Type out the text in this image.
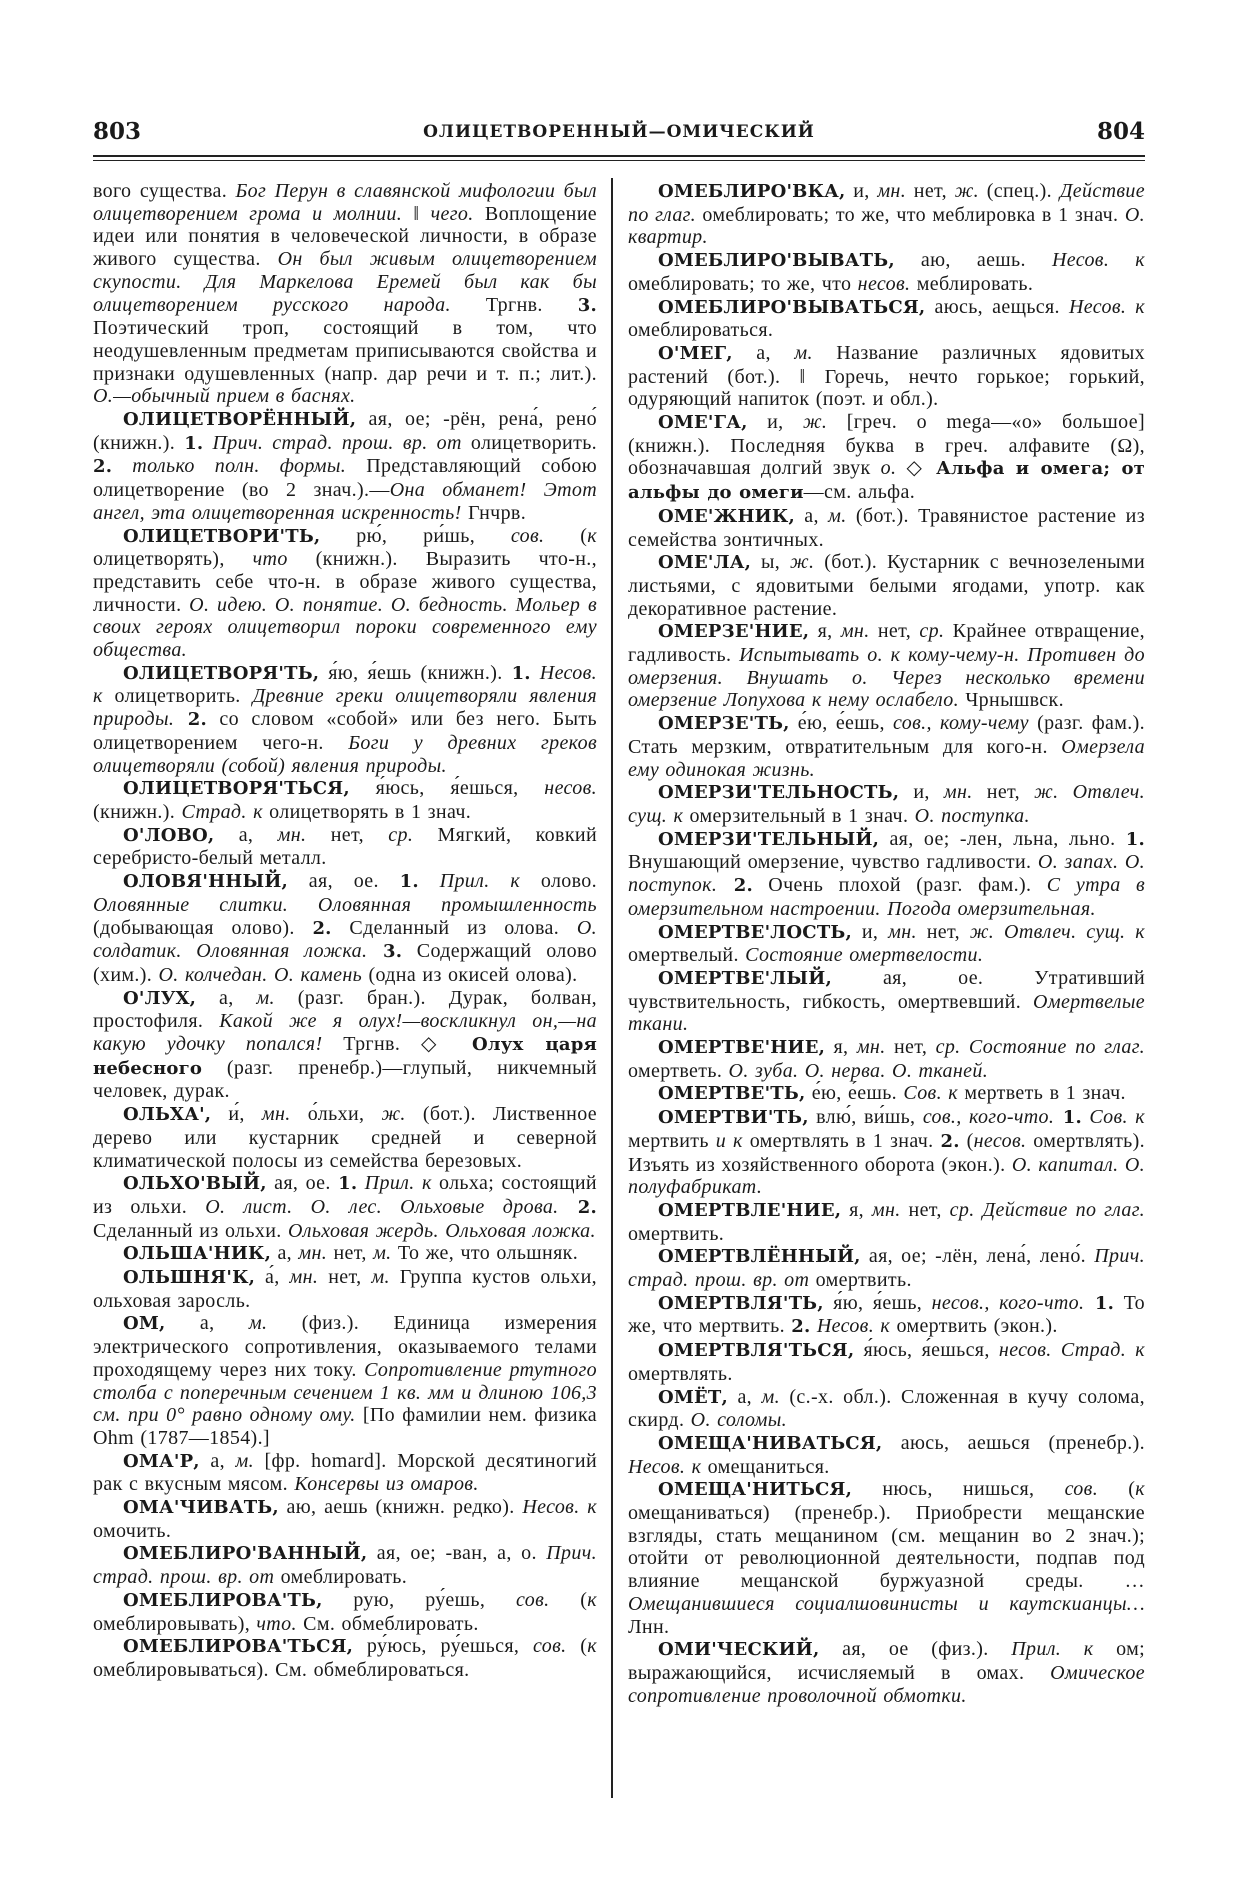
803	ОЛИЦЕТВОРЕННЫЙ—ОМИЧЕСКИЙ	804

вого существа. Бог Перун в славянской мифологии был олицетворением грома и молнии. ‖ чего. Воплощение идеи или понятия в человеческой личности, в образе живого существа. Он был живым олицетворением скупости. Для Маркелова Еремей был как бы олицетворением русского народа. Тргнв. 3. Поэтический троп, состоящий в том, что неодушевленным предметам приписываются свойства и признаки одушевленных (напр. дар речи и т. п.; лит.). О.—обычный прием в баснях.

ОЛИЦЕТВОРЁННЫЙ, ая, ое; -рён, рена́, рено́ (книжн.). 1. Прич. страд. прош. вр. от олицетворить. 2. только полн. формы. Представляющий собою олицетворение (во 2 знач.).—Она обманет! Этот ангел, эта олицетворенная искренность! Гнчрв.

ОЛИЦЕТВОРИ'ТЬ, рю́, ри́шь, сов. (к олицетворять), что (книжн.). Выразить что-н., представить себе что-н. в образе живого существа, личности. О. идею. О. понятие. О. бедность. Мольер в своих героях олицетворил пороки современного ему общества.

ОЛИЦЕТВОРЯ'ТЬ, я́ю, я́ешь (книжн.). 1. Несов. к олицетворить. Древние греки олицетворяли явления природы. 2. со словом «собой» или без него. Быть олицетворением чего-н. Боги у древних греков олицетворяли (собой) явления природы.

ОЛИЦЕТВОРЯ'ТЬСЯ, я́юсь, я́ешься, несов. (книжн.). Страд. к олицетворять в 1 знач.

О'ЛОВО, а, мн. нет, ср. Мягкий, ковкий серебристо-белый металл.

ОЛОВЯ'ННЫЙ, ая, ое. 1. Прил. к олово. Оловянные слитки. Оловянная промышленность (добывающая олово). 2. Сделанный из олова. О. солдатик. Оловянная ложка. 3. Содержащий олово (хим.). О. колчедан. О. камень (одна из окисей олова).

О'ЛУХ, а, м. (разг. бран.). Дурак, болван, простофиля. Какой же я олух!—воскликнул он,—на какую удочку попался! Тргнв. ◇ Олух царя небесного (разг. пренебр.)—глупый, никчемный человек, дурак.

ОЛЬХА', и́, мн. о́льхи, ж. (бот.). Лиственное дерево или кустарник средней и северной климатической полосы из семейства березовых.

ОЛЬХО'ВЫЙ, ая, ое. 1. Прил. к ольха; состоящий из ольхи. О. лист. О. лес. Ольховые дрова. 2. Сделанный из ольхи. Ольховая жердь. Ольховая ложка.

ОЛЬША'НИК, а, мн. нет, м. То же, что ольшняк.

ОЛЬШНЯ'К, а́, мн. нет, м. Группа кустов ольхи, ольховая заросль.

ОМ, а, м. (физ.). Единица измерения электрического сопротивления, оказываемого телами проходящему через них току. Сопротивление ртутного столба с поперечным сечением 1 кв. мм и длиною 106,3 см. при 0° равно одному ому. [По фамилии нем. физика Ohm (1787—1854).]

ОМА'Р, а, м. [фр. homard]. Морской десятиногий рак с вкусным мясом. Консервы из омаров.

ОМА'ЧИВАТЬ, аю, аешь (книжн. редко). Несов. к омочить.

ОМЕБЛИРО'ВАННЫЙ, ая, ое; -ван, а, о. Прич. страд. прош. вр. от омеблировать.

ОМЕБЛИРОВА'ТЬ, рую, ру́ешь, сов. (к омеблировывать), что. См. обмеблировать.

ОМЕБЛИРОВА'ТЬСЯ, ру́юсь, ру́ешься, сов. (к омеблировываться). См. обмеблироваться.

ОМЕБЛИРО'ВКА, и, мн. нет, ж. (спец.). Действие по глаг. омеблировать; то же, что меблировка в 1 знач. О. квартир.

ОМЕБЛИРО'ВЫВАТЬ, аю, аешь. Несов. к омеблировать; то же, что несов. меблировать.

ОМЕБЛИРО'ВЫВАТЬСЯ, аюсь, аещься. Несов. к омеблироваться.

О'МЕГ, а, м. Название различных ядовитых растений (бот.). ‖ Горечь, нечто горькое; горький, одуряющий напиток (поэт. и обл.).

ОМЕ'ГА, и, ж. [греч. о mega—«о» большое] (книжн.). Последняя буква в греч. алфавите (Ω), обозначавшая долгий звук о. ◇ Альфа и омега; от альфы до омеги—см. альфа.

ОМЕ'ЖНИК, а, м. (бот.). Травянистое растение из семейства зонтичных.

ОМЕ'ЛА, ы, ж. (бот.). Кустарник с вечнозелеными листьями, с ядовитыми белыми ягодами, употр. как декоративное растение.

ОМЕРЗЕ'НИЕ, я, мн. нет, ср. Крайнее отвращение, гадливость. Испытывать о. к кому-чему-н. Противен до омерзения. Внушать о. Через несколько времени омерзение Лопухова к нему ослабело. Чрнышвск.

ОМЕРЗЕ'ТЬ, е́ю, е́ешь, сов., кому-чему (разг. фам.). Стать мерзким, отвратительным для кого-н. Омерзела ему одинокая жизнь.

ОМЕРЗИ'ТЕЛЬНОСТЬ, и, мн. нет, ж. Отвлеч. сущ. к омерзительный в 1 знач. О. поступка.

ОМЕРЗИ'ТЕЛЬНЫЙ, ая, ое; -лен, льна, льно. 1. Внушающий омерзение, чувство гадливости. О. запах. О. поступок. 2. Очень плохой (разг. фам.). С утра в омерзительном настроении. Погода омерзительная.

ОМЕРТВЕ'ЛОСТЬ, и, мн. нет, ж. Отвлеч. сущ. к омертвелый. Состояние омертвелости.

ОМЕРТВЕ'ЛЫЙ, ая, ое. Утративший чувствительность, гибкость, омертвевший. Омертвелые ткани.

ОМЕРТВЕ'НИЕ, я, мн. нет, ср. Состояние по глаг. омертветь. О. зуба. О. нерва. О. тканей.

ОМЕРТВЕ'ТЬ, е́ю, е́ешь. Сов. к мертветь в 1 знач.

ОМЕРТВИ'ТЬ, влю́, ви́шь, сов., кого-что. 1. Сов. к мертвить и к омертвлять в 1 знач. 2. (несов. омертвлять). Изъять из хозяйственного оборота (экон.). О. капитал. О. полуфабрикат.

ОМЕРТВЛЕ'НИЕ, я, мн. нет, ср. Действие по глаг. омертвить.

ОМЕРТВЛЁННЫЙ, ая, ое; -лён, лена́, лено́. Прич. страд. прош. вр. от омертвить.

ОМЕРТВЛЯ'ТЬ, я́ю, я́ешь, несов., кого-что. 1. То же, что мертвить. 2. Несов. к омертвить (экон.).

ОМЕРТВЛЯ'ТЬСЯ, я́юсь, я́ешься, несов. Страд. к омертвлять.

ОМЁТ, а, м. (с.-х. обл.). Сложенная в кучу солома, скирд. О. соломы.

ОМЕЩА'НИВАТЬСЯ, аюсь, аешься (пренебр.). Несов. к омещаниться.

ОМЕЩА'НИТЬСЯ, нюсь, нишься, сов. (к омещаниваться) (пренебр.). Приобрести мещанские взгляды, стать мещанином (см. мещанин во 2 знач.); отойти от революционной деятельности, подпав под влияние мещанской буржуазной среды. …Омещанившиеся социалшовинисты и каутскианцы… Лнн.

ОМИ'ЧЕСКИЙ, ая, ое (физ.). Прил. к ом; выражающийся, исчисляемый в омах. Омическое сопротивление проволочной обмотки.
